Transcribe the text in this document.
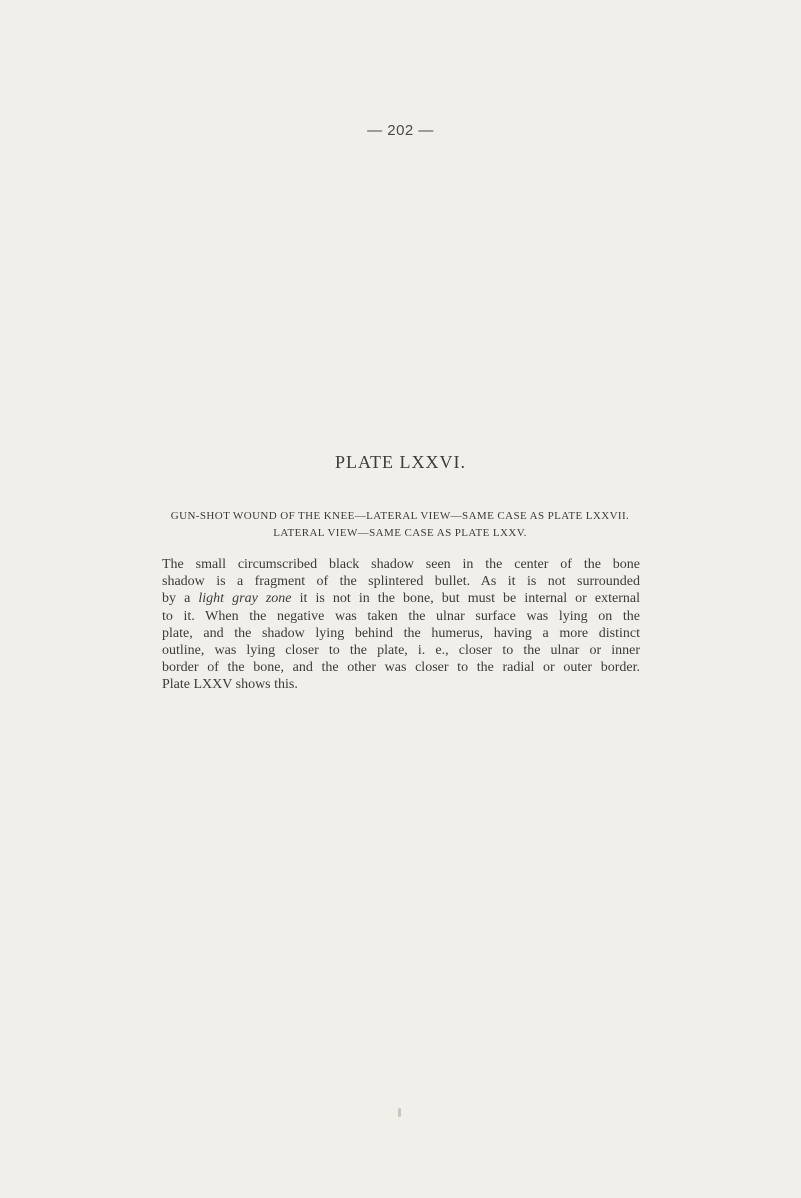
— 202 —
PLATE LXXVI.
GUN-SHOT WOUND OF THE KNEE—LATERAL VIEW—SAME CASE AS PLATE LXXVII.
LATERAL VIEW—SAME CASE AS PLATE LXXV.
The small circumscribed black shadow seen in the center of the bone
shadow is a fragment of the splintered bullet. As it is not surrounded
by a light gray zone it is not in the bone, but must be internal or external
to it. When the negative was taken the ulnar surface was lying on the
plate, and the shadow lying behind the humerus, having a more distinct
outline, was lying closer to the plate, i. e., closer to the ulnar or inner
border of the bone, and the other was closer to the radial or outer border.
Plate LXXV shows this.
